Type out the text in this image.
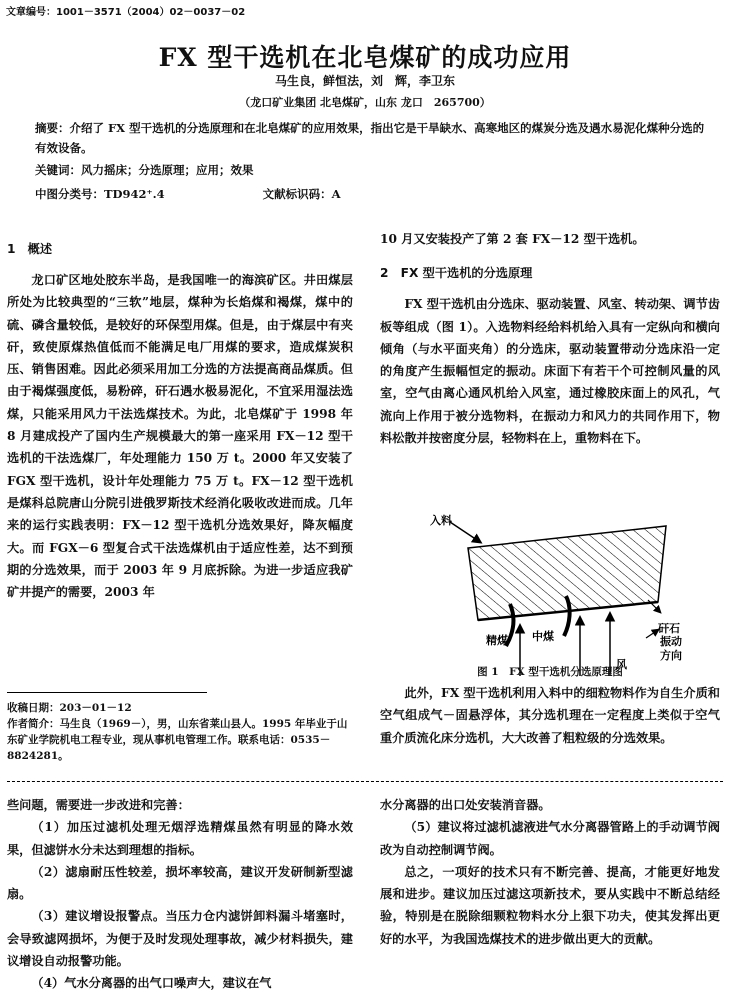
文章编号：1001－3571（2004）02－0037－02
FX 型干选机在北皂煤矿的成功应用
马生良，鲜恒法，刘　辉，李卫东
（龙口矿业集团 北皂煤矿，山东 龙口　265700）
摘要：介绍了 FX 型干选机的分选原理和在北皂煤矿的应用效果，指出它是干旱缺水、高寒地区的煤炭分选及遇水易泥化煤种分选的有效设备。
关键词：风力摇床；分选原理；应用；效果
中图分类号：TD942⁺.4	文献标识码：A
1　概述

龙口矿区地处胶东半岛，是我国唯一的海滨矿区。井田煤层所处为比较典型的“三软”地层，煤种为长焰煤和褐煤，煤中的硫、磷含量较低，是较好的环保型用煤。但是，由于煤层中有夹矸，致使原煤热值低而不能满足电厂用煤的要求，造成煤炭积压、销售困难。因此必须采用加工分选的方法提高商品煤质。但由于褐煤强度低，易粉碎，矸石遇水极易泥化，不宜采用湿法选煤，只能采用风力干法选煤技术。为此，北皂煤矿于 1998 年 8 月建成投产了国内生产规模最大的第一座采用 FX－12 型干选机的干法选煤厂，年处理能力 150 万 t。2000 年又安装了 FGX 型干选机，设计年处理能力 75 万 t。FX－12 型干选机是煤科总院唐山分院引进俄罗斯技术经消化吸收改进而成。几年来的运行实践表明：FX－12 型干选机分选效果好，降灰幅度大。而 FGX－6 型复合式干法选煤机由于适应性差，达不到预期的分选效果，而于 2003 年 9 月底拆除。为进一步适应我矿矿井提产的需要，2003 年

收稿日期：203－01－12
作者简介：马生良（1969－），男，山东省莱山县人。1995 年毕业于山东矿业学院机电工程专业，现从事机电管理工作。联系电话：0535－8824281。

10 月又安装投产了第 2 套 FX－12 型干选机。

2　FX 型干选机的分选原理

FX 型干选机由分选床、驱动装置、风室、转动架、调节齿板等组成（图 1）。入选物料经给料机给入具有一定纵向和横向倾角（与水平面夹角）的分选床，驱动装置带动分选床沿一定的角度产生振幅恒定的振动。床面下有若干个可控制风量的风室，空气由离心通风机给入风室，通过橡胶床面上的风孔，气流向上作用于被分选物料，在振动力和风力的共同作用下，物料松散并按密度分层，轻物料在上，重物料在下。

入料
矸石
振动
方向
精煤 中煤
风
图 1　FX 型干选机分选原理图

此外，FX 型干选机利用入料中的细粒物料作为自生介质和空气组成气－固悬浮体，其分选机理在一定程度上类似于空气重介质流化床分选机，大大改善了粗粒级的分选效果。

些问题，需要进一步改进和完善：

（1）加压过滤机处理无烟浮选精煤虽然有明显的降水效果，但滤饼水分未达到理想的指标。

（2）滤扇耐压性较差，损坏率较高，建议开发研制新型滤扇。

（3）建议增设报警点。当压力仓内滤饼卸料漏斗堵塞时，会导致滤网损坏，为便于及时发现处理事故，减少材料损失，建议增设自动报警功能。

（4）气水分离器的出气口噪声大，建议在气

水分离器的出口处安装消音器。

（5）建议将过滤机滤液进气水分离器管路上的手动调节阀改为自动控制调节阀。

总之，一项好的技术只有不断完善、提高，才能更好地发展和进步。建议加压过滤这项新技术，要从实践中不断总结经验，特别是在脱除细颗粒物料水分上狠下功夫，使其发挥出更好的水平，为我国选煤技术的进步做出更大的贡献。
